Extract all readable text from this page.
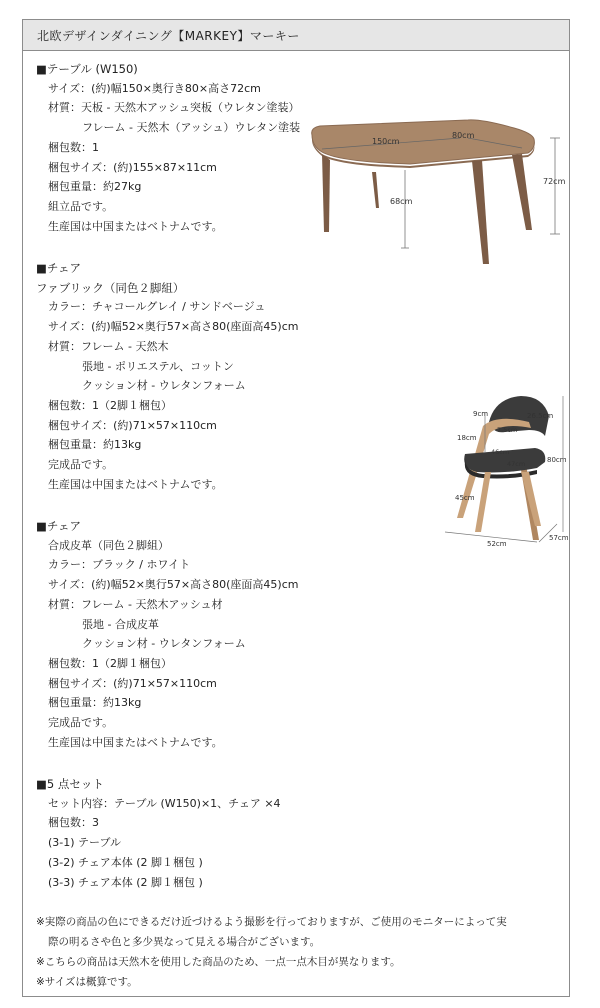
北欧デザインダイニング【MARKEY】マーキー
■テーブル (W150)
サイズ：(約)幅150×奥行き80×高さ72cm
材質：天板 - 天然木アッシュ突板（ウレタン塗装）
フレーム - 天然木（アッシュ）ウレタン塗装
梱包数：1
梱包サイズ：(約)155×87×11cm
梱包重量：約27kg
組立品です。
生産国は中国またはベトナムです。
■チェア
ファブリック（同色２脚組）
カラー：チャコールグレイ / サンドベージュ
サイズ：(約)幅52×奥行57×高さ80(座面高45)cm
材質：フレーム - 天然木
張地 - ポリエステル、コットン
クッション材 - ウレタンフォーム
梱包数：1（2脚１梱包）
梱包サイズ：(約)71×57×110cm
梱包重量：約13kg
完成品です。
生産国は中国またはベトナムです。
■チェア
合成皮革（同色２脚組）
カラー：ブラック / ホワイト
サイズ：(約)幅52×奥行57×高さ80(座面高45)cm
材質：フレーム - 天然木アッシュ材
張地 - 合成皮革
クッション材 - ウレタンフォーム
梱包数：1（2脚１梱包）
梱包サイズ：(約)71×57×110cm
梱包重量：約13kg
完成品です。
生産国は中国またはベトナムです。
■5 点セット
セット内容：テーブル (W150)×1、チェア ×4
梱包数：3
(3-1) テーブル
(3-2) チェア本体 (2 脚１梱包 )
(3-3) チェア本体 (2 脚１梱包 )
※実際の商品の色にできるだけ近づけるよう撮影を行っておりますが、ご使用のモニターによって実
際の明るさや色と多少異なって見える場合がございます。
※こちらの商品は天然木を使用した商品のため、一点一点木目が異なります。
※サイズは概算です。
150cm
80cm
72cm
68cm
9cm	26.5cm
7.5cm
18cm
46cm
47cm
45cm
52cm
57cm
80cm
